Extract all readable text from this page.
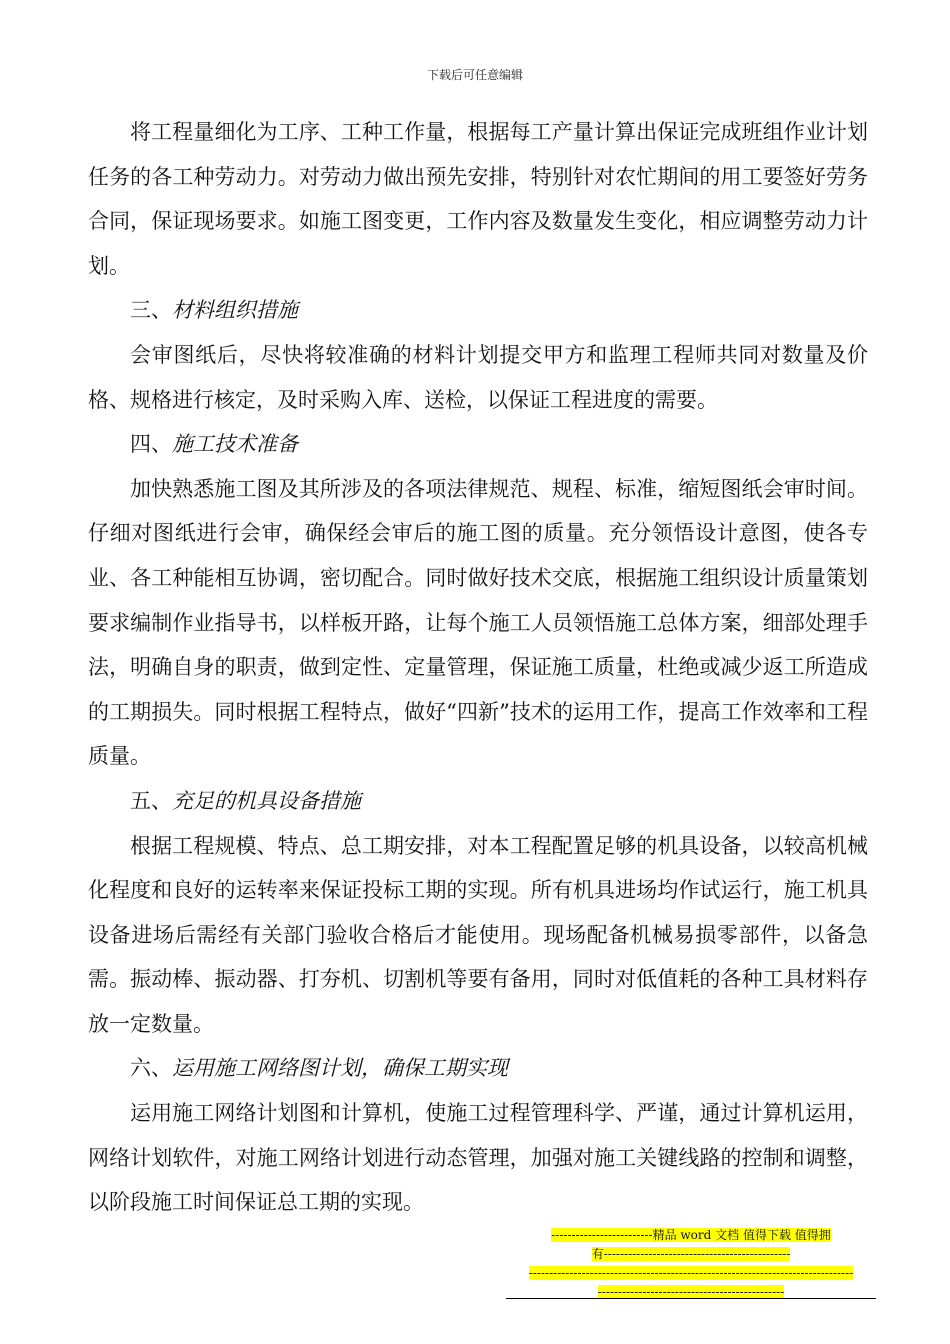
下载后可任意编辑

将工程量细化为工序、工种工作量，根据每工产量计算出保证完成班组作业计划任务的各工种劳动力。对劳动力做出预先安排，特别针对农忙期间的用工要签好劳务合同，保证现场要求。如施工图变更，工作内容及数量发生变化，相应调整劳动力计划。

三、材料组织措施

会审图纸后，尽快将较准确的材料计划提交甲方和监理工程师共同对数量及价格、规格进行核定，及时采购入库、送检，以保证工程进度的需要。

四、施工技术准备

加快熟悉施工图及其所涉及的各项法律规范、规程、标准，缩短图纸会审时间。仔细对图纸进行会审，确保经会审后的施工图的质量。充分领悟设计意图，使各专业、各工种能相互协调，密切配合。同时做好技术交底，根据施工组织设计质量策划要求编制作业指导书，以样板开路，让每个施工人员领悟施工总体方案，细部处理手法，明确自身的职责，做到定性、定量管理，保证施工质量，杜绝或减少返工所造成的工期损失。同时根据工程特点，做好“四新”技术的运用工作，提高工作效率和工程质量。

五、充足的机具设备措施

根据工程规模、特点、总工期安排，对本工程配置足够的机具设备，以较高机械化程度和良好的运转率来保证投标工期的实现。所有机具进场均作试运行，施工机具设备进场后需经有关部门验收合格后才能使用。现场配备机械易损零部件，以备急需。振动棒、振动器、打夯机、切割机等要有备用，同时对低值耗的各种工具材料存放一定数量。

六、运用施工网络图计划，确保工期实现

运用施工网络计划图和计算机，使施工过程管理科学、严谨，通过计算机运用，网络计划软件，对施工网络计划进行动态管理，加强对施工关键线路的控制和调整，以阶段施工时间保证总工期的实现。

-------------------------精品 word 文档 值得下载 值得拥
有----------------------------------------------
--------------------------------------------------------------------------------
----------------------------------------------
